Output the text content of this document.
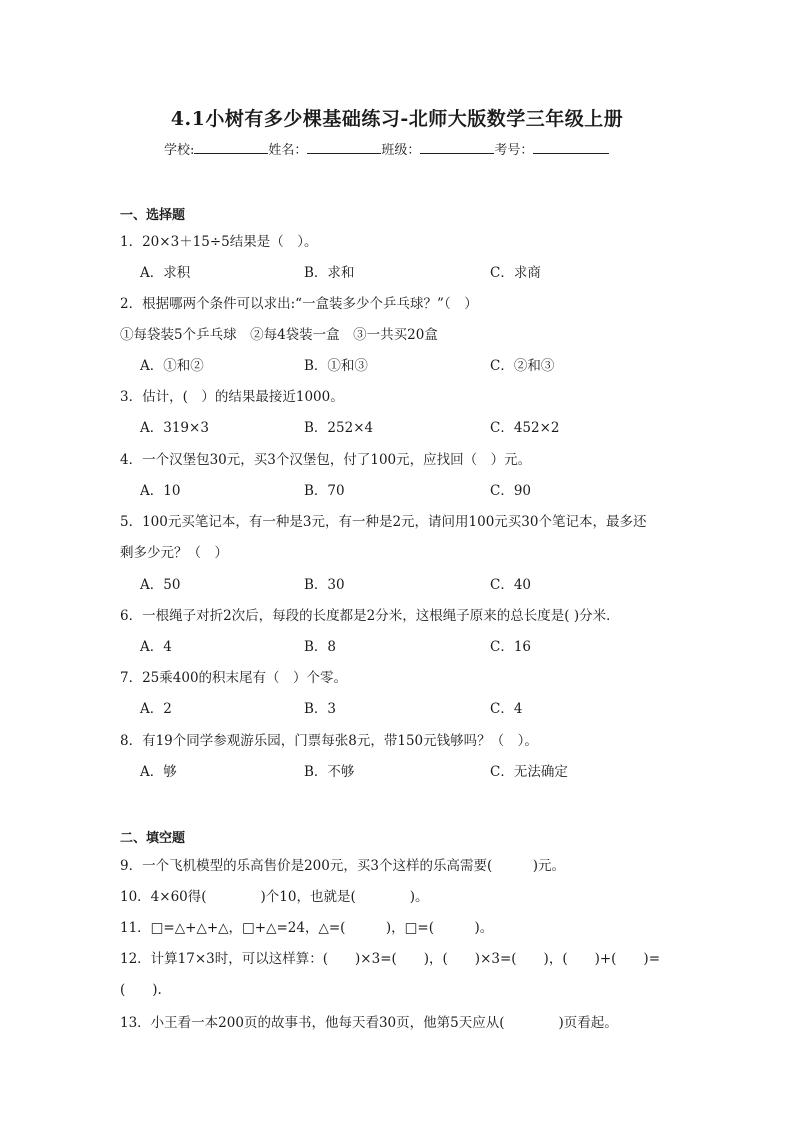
4.1小树有多少棵基础练习-北师大版数学三年级上册
学校:	姓名：	班级：	考号：
一、选择题
1．20×3＋15÷5结果是（　）。
A．求积	B．求和	C．求商
2．根据哪两个条件可以求出:“一盒装多少个乒乓球？”（　）
①每袋装5个乒乓球　②每4袋装一盒　③一共买20盒
A．①和②	B．①和③	C．②和③
3．估计，(　）的结果最接近1000。
A．319×3	B．252×4	C．452×2
4．一个汉堡包30元，买3个汉堡包，付了100元，应找回（　）元。
A．10	B．70	C．90
5．100元买笔记本，有一种是3元，有一种是2元，请问用100元买30个笔记本，最多还
剩多少元？（　）
A．50	B．30	C．40
6．一根绳子对折2次后，每段的长度都是2分米，这根绳子原来的总长度是( )分米．
A．4	B．8	C．16
7．25乘400的积末尾有（　）个零。
A．2	B．3	C．4
8．有19个同学参观游乐园，门票每张8元，带150元钱够吗？（　）。
A．够	B．不够	C．无法确定
二、填空题
9．一个飞机模型的乐高售价是200元，买3个这样的乐高需要(　　　)元。
10．4×60得(　　　　)个10，也就是(　　　　)。
11．□=△+△+△，□+△=24，△=(　　　)，□=(　　　)。
12．计算17×3时，可以这样算：(　　)×3=(　　)，(　　)×3=(　　)，(　　)+(　　)=
(　　).
13．小王看一本200页的故事书，他每天看30页，他第5天应从(　　　　)页看起。
